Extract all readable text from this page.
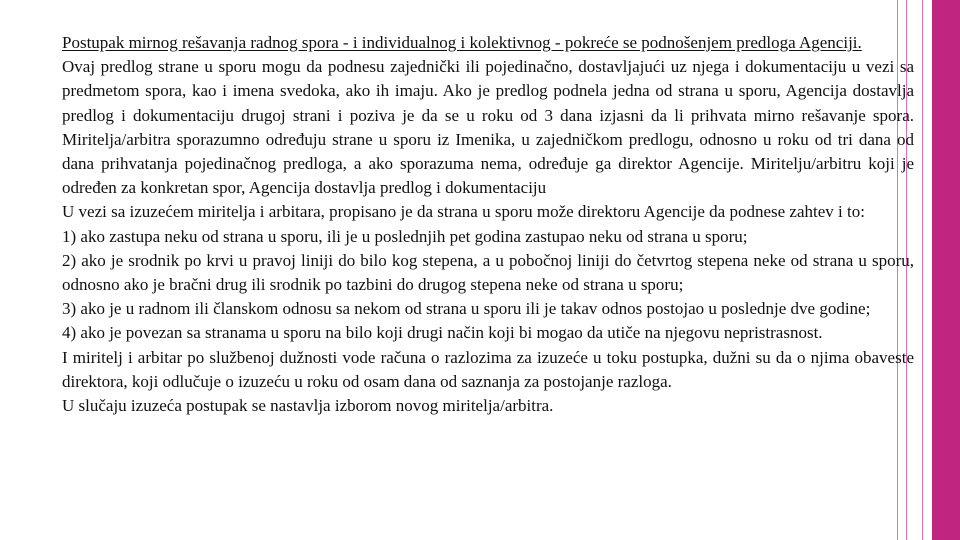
Postupak mirnog rešavanja radnog spora - i individualnog i kolektivnog - pokreće se podnošenjem predloga Agenciji.

Ovaj predlog strane u sporu mogu da podnesu zajednički ili pojedinačno, dostavljajući uz njega i dokumentaciju u vezi sa predmetom spora, kao i imena svedoka, ako ih imaju. Ako je predlog podnela jedna od strana u sporu, Agencija dostavlja predlog i dokumentaciju drugoj strani i poziva je da se u roku od 3 dana izjasni da li prihvata mirno rešavanje spora. Miritelja/arbitra sporazumno određuju strane u sporu iz Imenika, u zajedničkom predlogu, odnosno u roku od tri dana od dana prihvatanja pojedinačnog predloga, a ako sporazuma nema, određuje ga direktor Agencije. Miritelju/arbitru koji je određen za konkretan spor, Agencija dostavlja predlog i dokumentaciju

U vezi sa izuzećem miritelja i arbitara, propisano je da strana u sporu može direktoru Agencije da podnese zahtev i to:

1) ako zastupa neku od strana u sporu, ili je u poslednjih pet godina zastupao neku od strana u sporu;

2) ako je srodnik po krvi u pravoj liniji do bilo kog stepena, a u pobočnoj liniji do četvrtog stepena neke od strana u sporu, odnosno ako je bračni drug ili srodnik po tazbini do drugog stepena neke od strana u sporu;

3) ako je u radnom ili članskom odnosu sa nekom od strana u sporu ili je takav odnos postojao u poslednje dve godine;

4) ako je povezan sa stranama u sporu na bilo koji drugi način koji bi mogao da utiče na njegovu nepristrasnost.

I miritelj i arbitar po službenoj dužnosti vode računa o razlozima za izuzeće u toku postupka, dužni su da o njima obaveste direktora, koji odlučuje o izuzeću u roku od osam dana od saznanja za postojanje razloga.

U slučaju izuzeća postupak se nastavlja izborom novog miritelja/arbitra.
